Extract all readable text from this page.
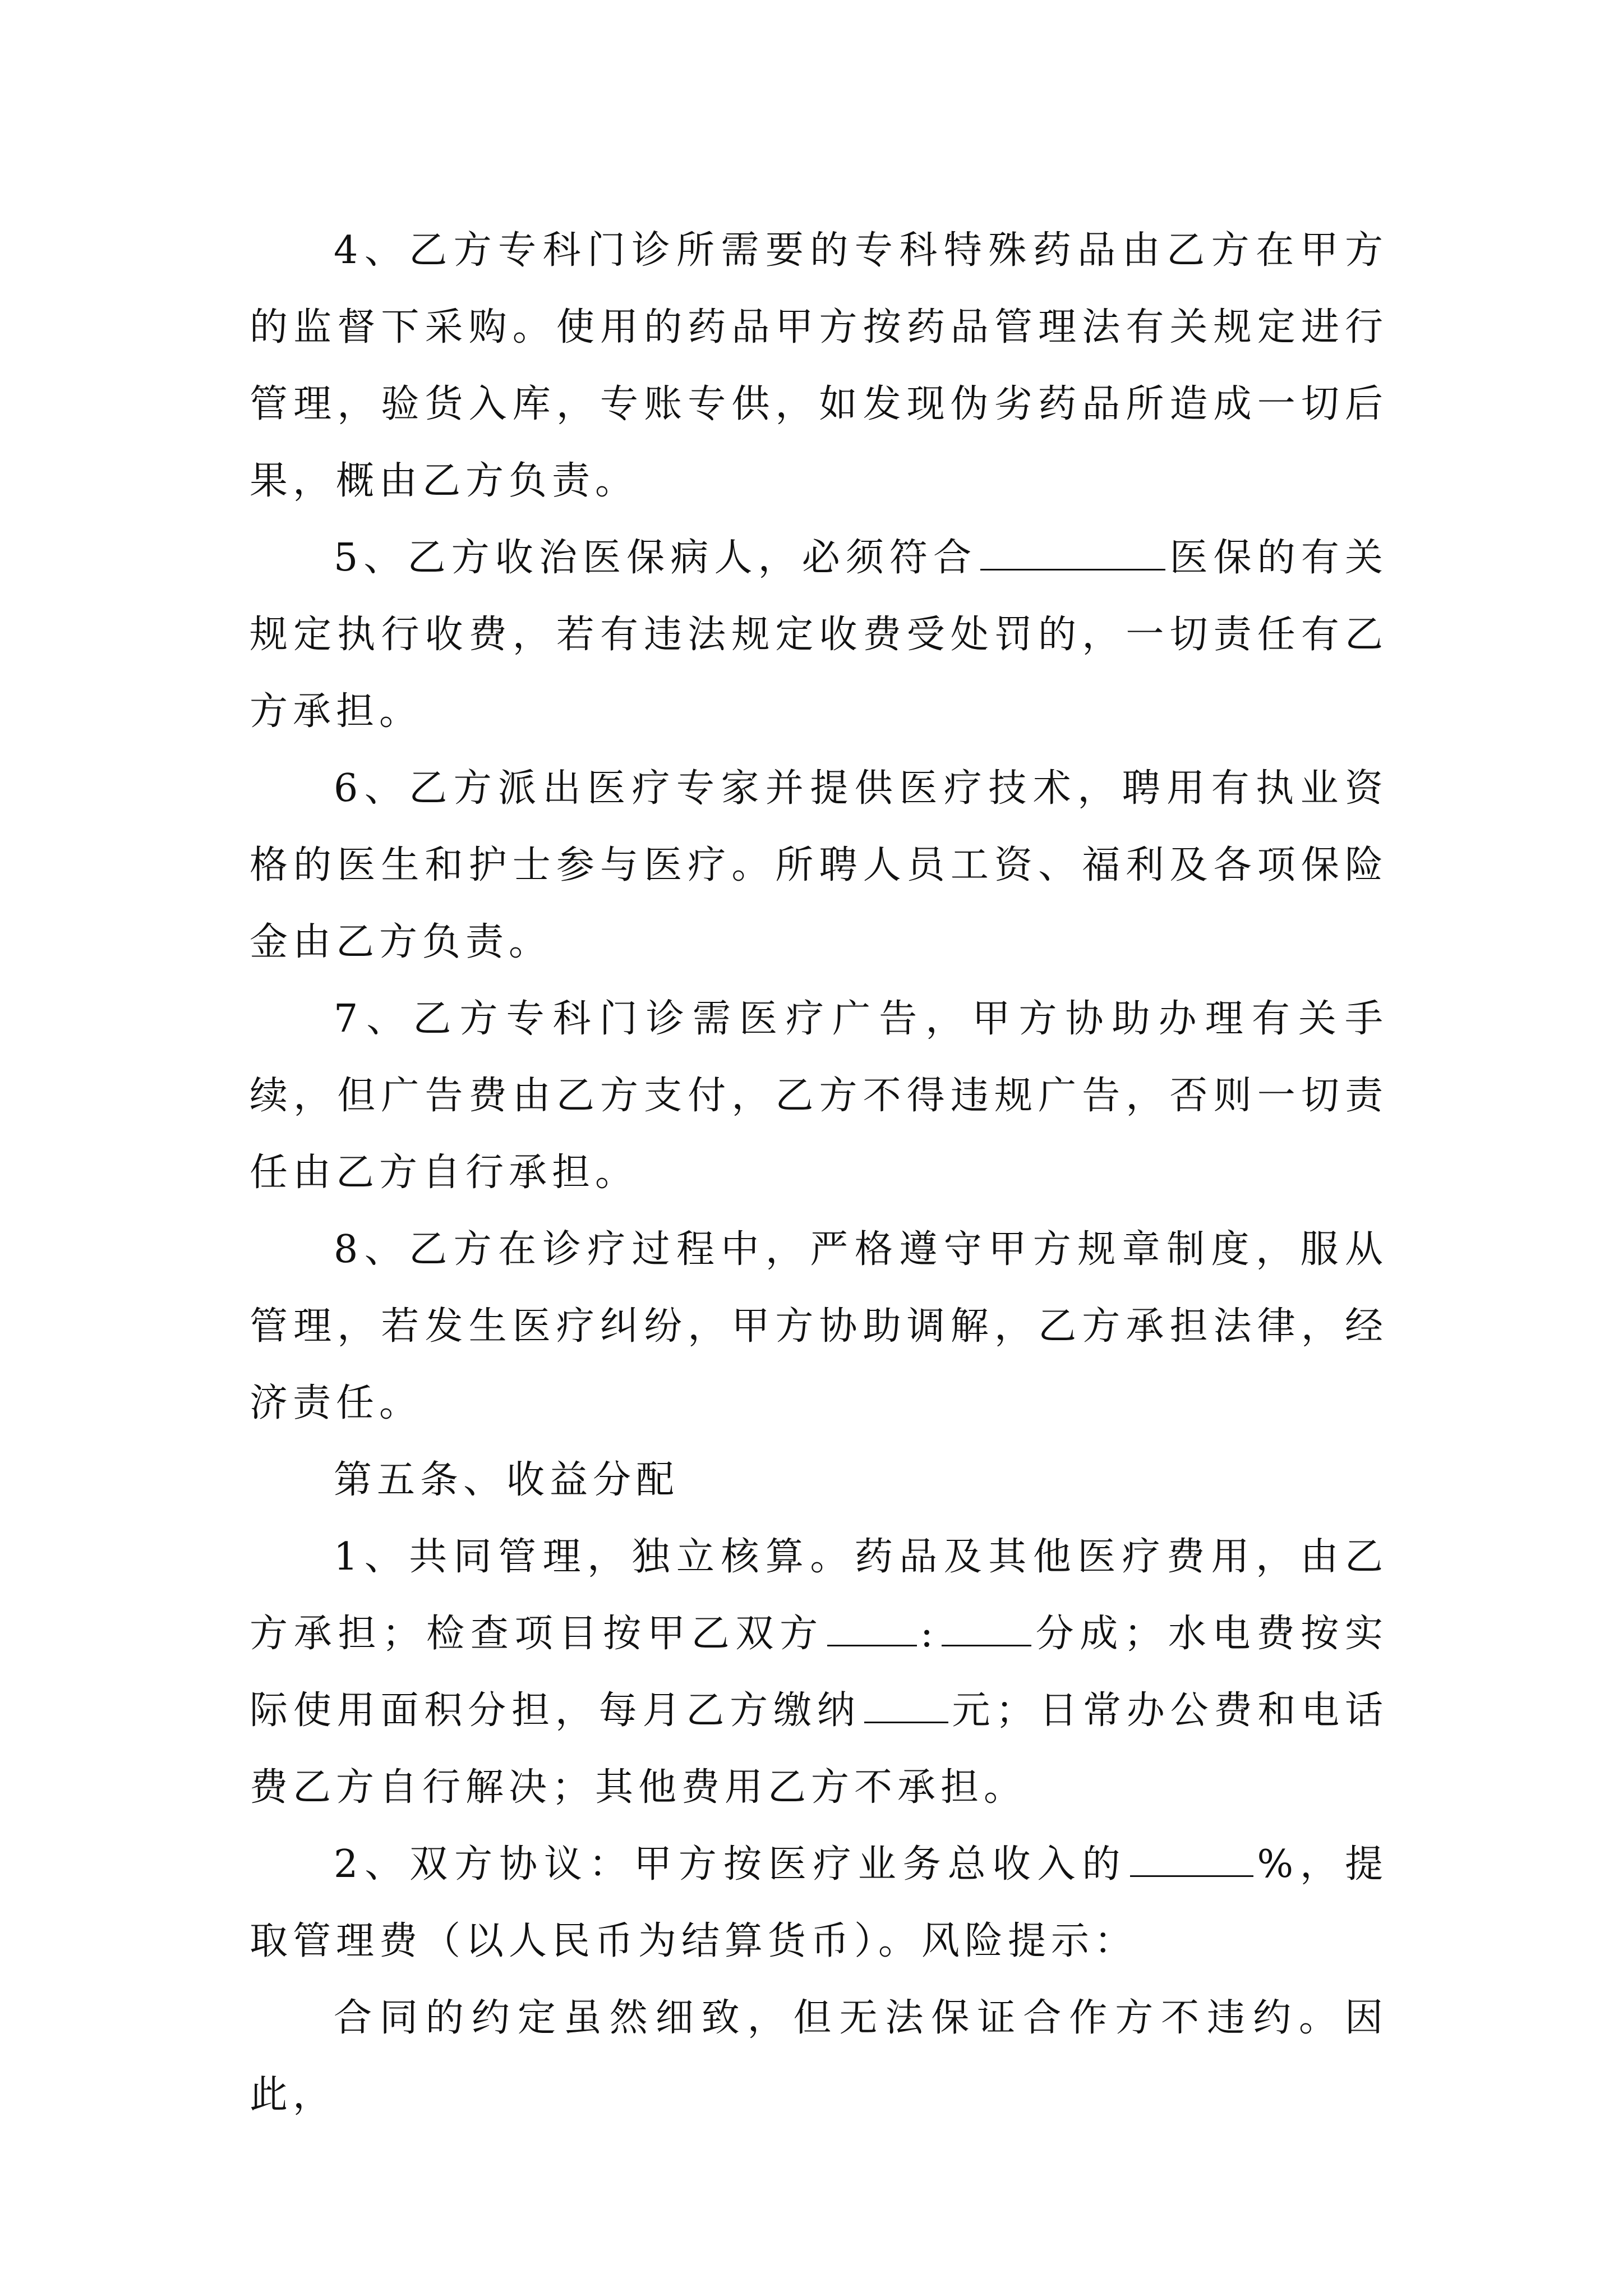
4、乙方专科门诊所需要的专科特殊药品由乙方在甲方的监督下采购。使用的药品甲方按药品管理法有关规定进行管理，验货入库，专账专供，如发现伪劣药品所造成一切后果，概由乙方负责。

5、乙方收治医保病人，必须符合	医保的有关规定执行收费，若有违法规定收费受处罚的，一切责任有乙方承担。

6、乙方派出医疗专家并提供医疗技术，聘用有执业资格的医生和护士参与医疗。所聘人员工资、福利及各项保险金由乙方负责。

7、乙方专科门诊需医疗广告，甲方协助办理有关手续，但广告费由乙方支付，乙方不得违规广告，否则一切责任由乙方自行承担。

8、乙方在诊疗过程中，严格遵守甲方规章制度，服从管理，若发生医疗纠纷，甲方协助调解，乙方承担法律，经济责任。

第五条、收益分配

1、共同管理，独立核算。药品及其他医疗费用，由乙方承担；检查项目按甲乙双方	:	分成；水电费按实际使用面积分担，每月乙方缴纳 元；日常办公费和电话费乙方自行解决；其他费用乙方不承担。

2、双方协议：甲方按医疗业务总收入的	%，提取管理费（以人民币为结算货币）。风险提示：

合同的约定虽然细致，但无法保证合作方不违约。因此，
